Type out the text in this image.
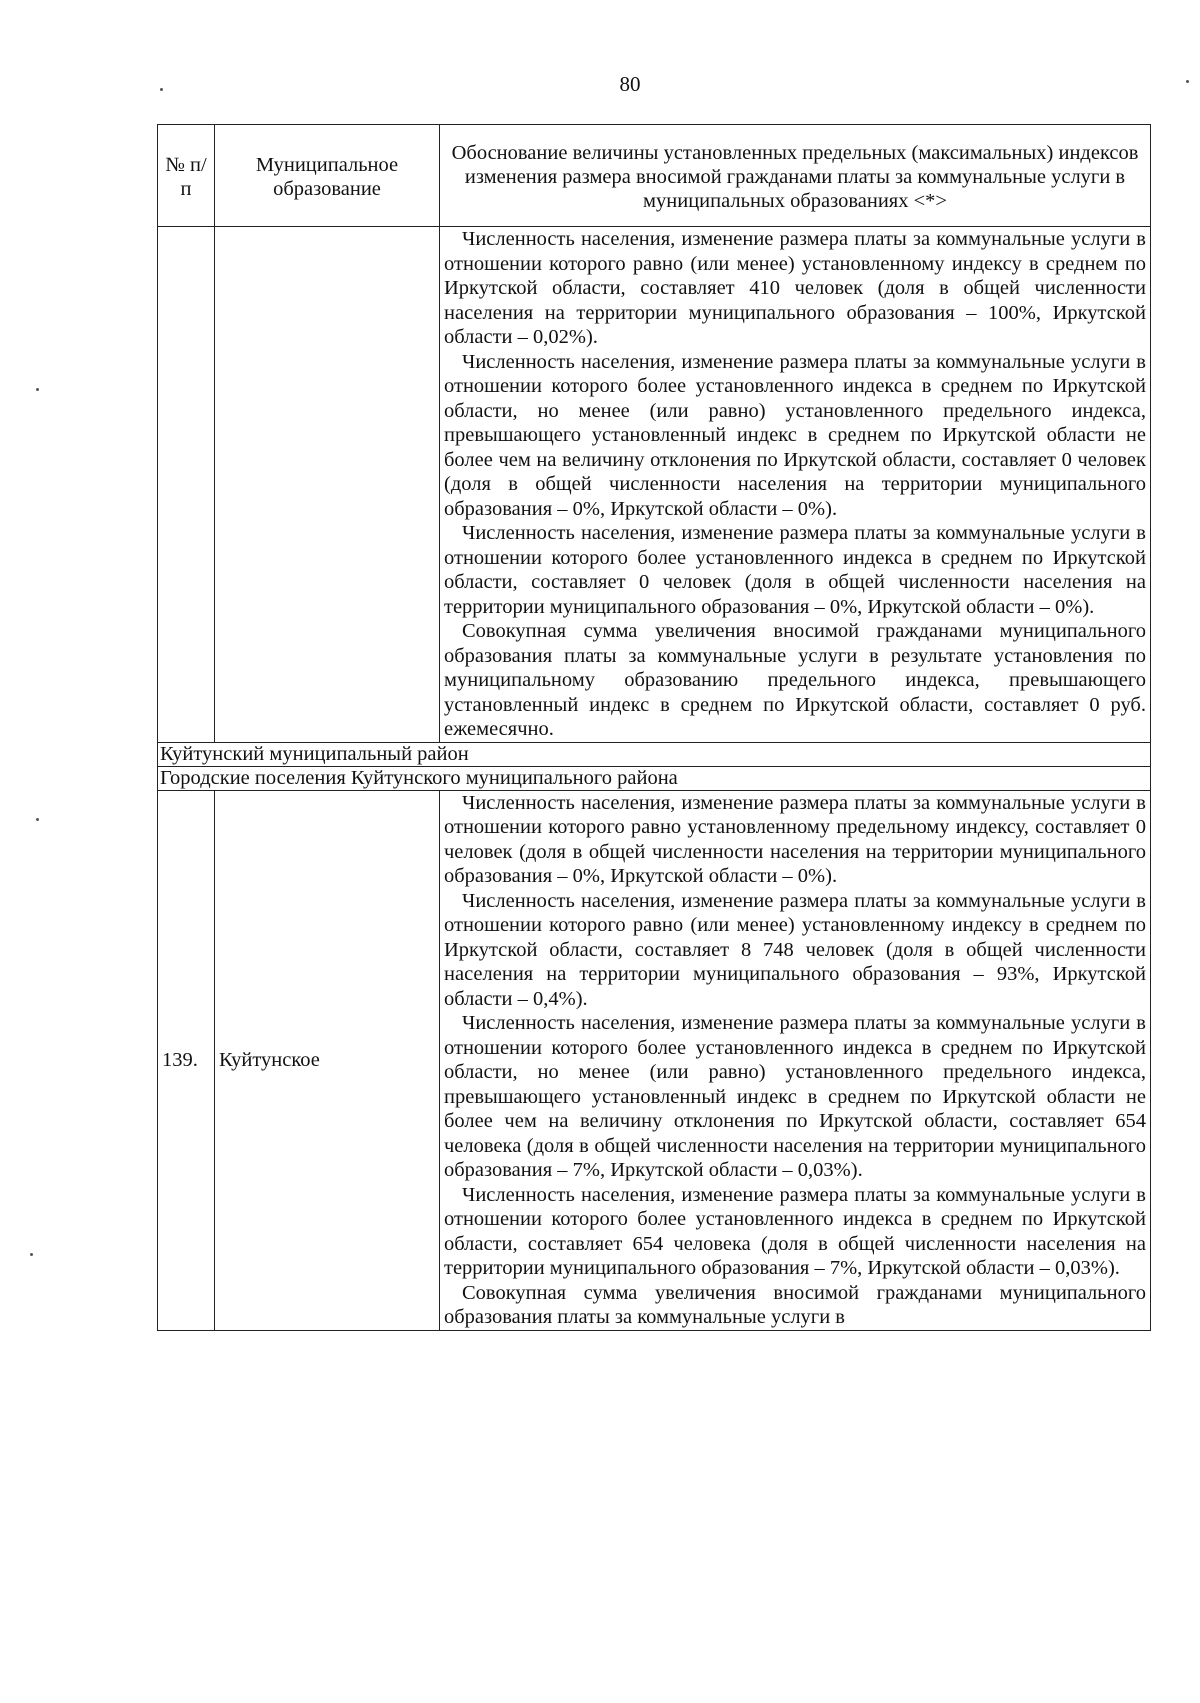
80
№ п/п	Муниципальное образование	Обоснование величины установленных предельных (максимальных) индексов изменения размера вносимой гражданами платы за коммунальные услуги в муниципальных образованиях <*>

		Численность населения, изменение размера платы за коммунальные услуги в отношении которого равно (или менее) установленному индексу в среднем по Иркутской области, составляет 410 человек (доля в общей численности населения на территории муниципального образования – 100%, Иркутской области – 0,02%).

Численность населения, изменение размера платы за коммунальные услуги в отношении которого более установленного индекса в среднем по Иркутской области, но менее (или равно) установленного предельного индекса, превышающего установленный индекс в среднем по Иркутской области не более чем на величину отклонения по Иркутской области, составляет 0 человек (доля в общей численности населения на территории муниципального образования – 0%, Иркутской области – 0%).

Численность населения, изменение размера платы за коммунальные услуги в отношении которого более установленного индекса в среднем по Иркутской области, составляет 0 человек (доля в общей численности населения на территории муниципального образования – 0%, Иркутской области – 0%).

Совокупная сумма увеличения вносимой гражданами муниципального образования платы за коммунальные услуги в результате установления по муниципальному образованию предельного индекса, превышающего установленный индекс в среднем по Иркутской области, составляет 0 руб. ежемесячно.

Куйтунский муниципальный район		
Городские поселения Куйтунского муниципального района		
139.	Куйтунское	Численность населения, изменение размера платы за коммунальные услуги в отношении которого равно установленному предельному индексу, составляет 0 человек (доля в общей численности населения на территории муниципального образования – 0%, Иркутской области – 0%).

Численность населения, изменение размера платы за коммунальные услуги в отношении которого равно (или менее) установленному индексу в среднем по Иркутской области, составляет 8 748 человек (доля в общей численности населения на территории муниципального образования – 93%, Иркутской области – 0,4%).

Численность населения, изменение размера платы за коммунальные услуги в отношении которого более установленного индекса в среднем по Иркутской области, но менее (или равно) установленного предельного индекса, превышающего установленный индекс в среднем по Иркутской области не более чем на величину отклонения по Иркутской области, составляет 654 человека (доля в общей численности населения на территории муниципального образования – 7%, Иркутской области – 0,03%).

Численность населения, изменение размера платы за коммунальные услуги в отношении которого более установленного индекса в среднем по Иркутской области, составляет 654 человека (доля в общей численности населения на территории муниципального образования – 7%, Иркутской области – 0,03%).

Совокупная сумма увеличения вносимой гражданами муниципального образования платы за коммунальные услуги в
